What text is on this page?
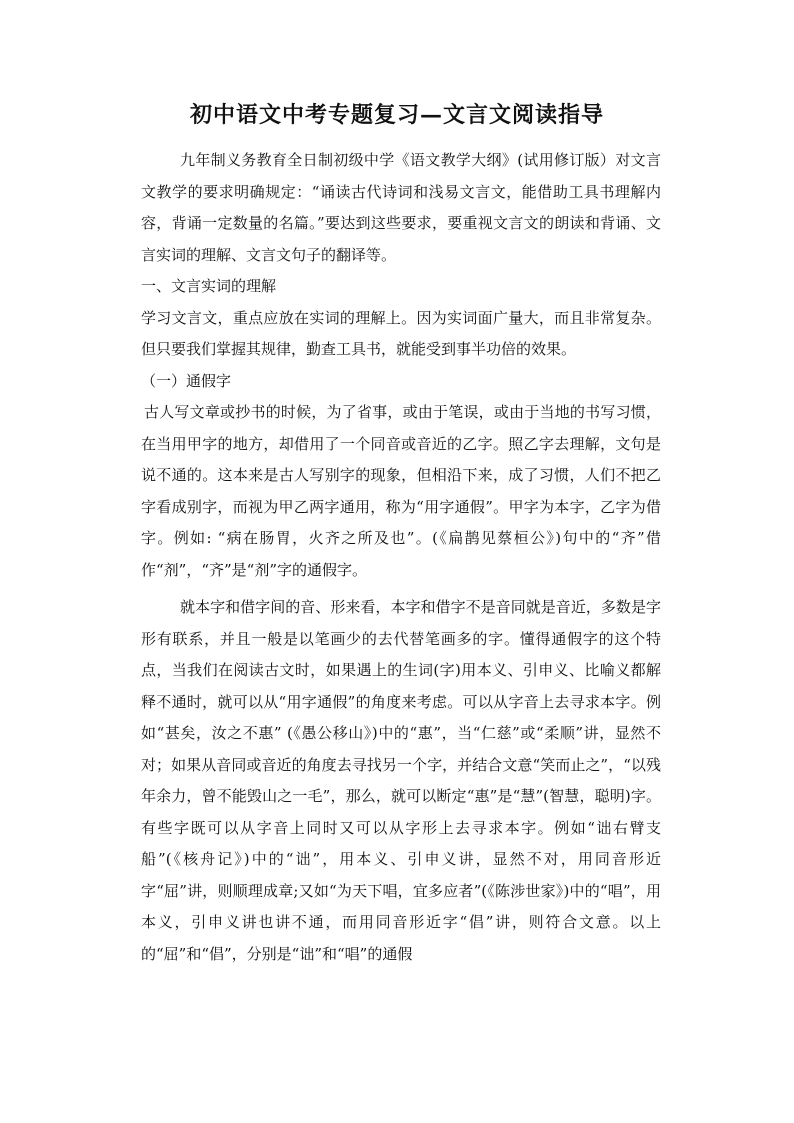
初中语文中考专题复习—文言文阅读指导

九年制义务教育全日制初级中学《语文教学大纲》(试用修订版）对文言文教学的要求明确规定：“诵读古代诗词和浅易文言文，能借助工具书理解内容，背诵一定数量的名篇。”要达到这些要求，要重视文言文的朗读和背诵、文言实词的理解、文言文句子的翻译等。

一、文言实词的理解

学习文言文，重点应放在实词的理解上。因为实词面广量大，而且非常复杂。但只要我们掌握其规律，勤查工具书，就能受到事半功倍的效果。

（一）通假字

古人写文章或抄书的时候，为了省事，或由于笔误，或由于当地的书写习惯，在当用甲字的地方，却借用了一个同音或音近的乙字。照乙字去理解，文句是说不通的。这本来是古人写别字的现象，但相沿下来，成了习惯，人们不把乙字看成别字，而视为甲乙两字通用，称为“用字通假”。甲字为本字，乙字为借字。例如: “病在肠胃，火齐之所及也”。(《扁鹊见蔡桓公》)句中的“齐”借作“剂”，“齐”是“剂”字的通假字。

就本字和借字间的音、形来看，本字和借字不是音同就是音近，多数是字形有联系，并且一般是以笔画少的去代替笔画多的字。懂得通假字的这个特点，当我们在阅读古文时，如果遇上的生词(字)用本义、引申义、比喻义都解释不通时，就可以从“用字通假”的角度来考虑。可以从字音上去寻求本字。例如“甚矣，汝之不惠” (《愚公移山》)中的“惠”，当“仁慈”或“柔顺”讲，显然不对；如果从音同或音近的角度去寻找另一个字，并结合文意“笑而止之”，“以残年余力，曾不能毁山之一毛”，那么，就可以断定“惠”是“慧”(智慧，聪明)字。有些字既可以从字音上同时又可以从字形上去寻求本字。例如“诎右臂支船”(《核舟记》)中的“诎”，用本义、引申义讲，显然不对，用同音形近字“屈”讲，则顺理成章;又如“为天下唱，宜多应者”(《陈涉世家》)中的“唱”，用本义，引申义讲也讲不通，而用同音形近字“倡”讲，则符合文意。以上的“屈”和“倡”，分别是“诎”和“唱”的通假
